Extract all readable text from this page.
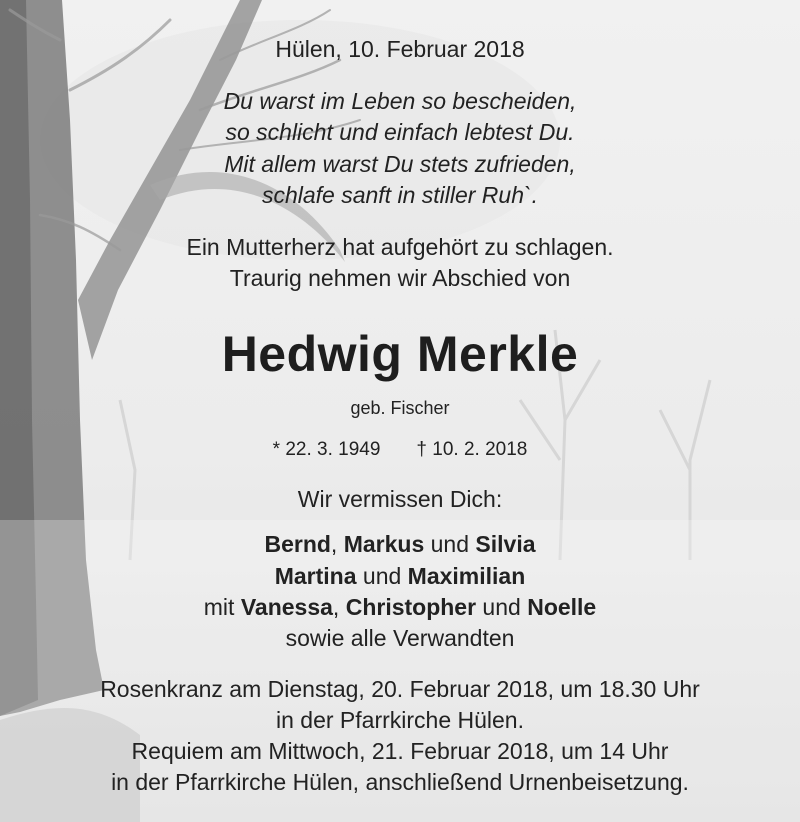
Hülen, 10. Februar 2018
Du warst im Leben so bescheiden,
so schlicht und einfach lebtest Du.
Mit allem warst Du stets zufrieden,
schlafe sanft in stiller Ruh`.
Ein Mutterherz hat aufgehört zu schlagen.
Traurig nehmen wir Abschied von
Hedwig Merkle
geb. Fischer
* 22. 3. 1949 † 10. 2. 2018
Wir vermissen Dich:
Bernd, Markus und Silvia
Martina und Maximilian
mit Vanessa, Christopher und Noelle
sowie alle Verwandten
Rosenkranz am Dienstag, 20. Februar 2018, um 18.30 Uhr
in der Pfarrkirche Hülen.
Requiem am Mittwoch, 21. Februar 2018, um 14 Uhr
in der Pfarrkirche Hülen, anschließend Urnenbeisetzung.
